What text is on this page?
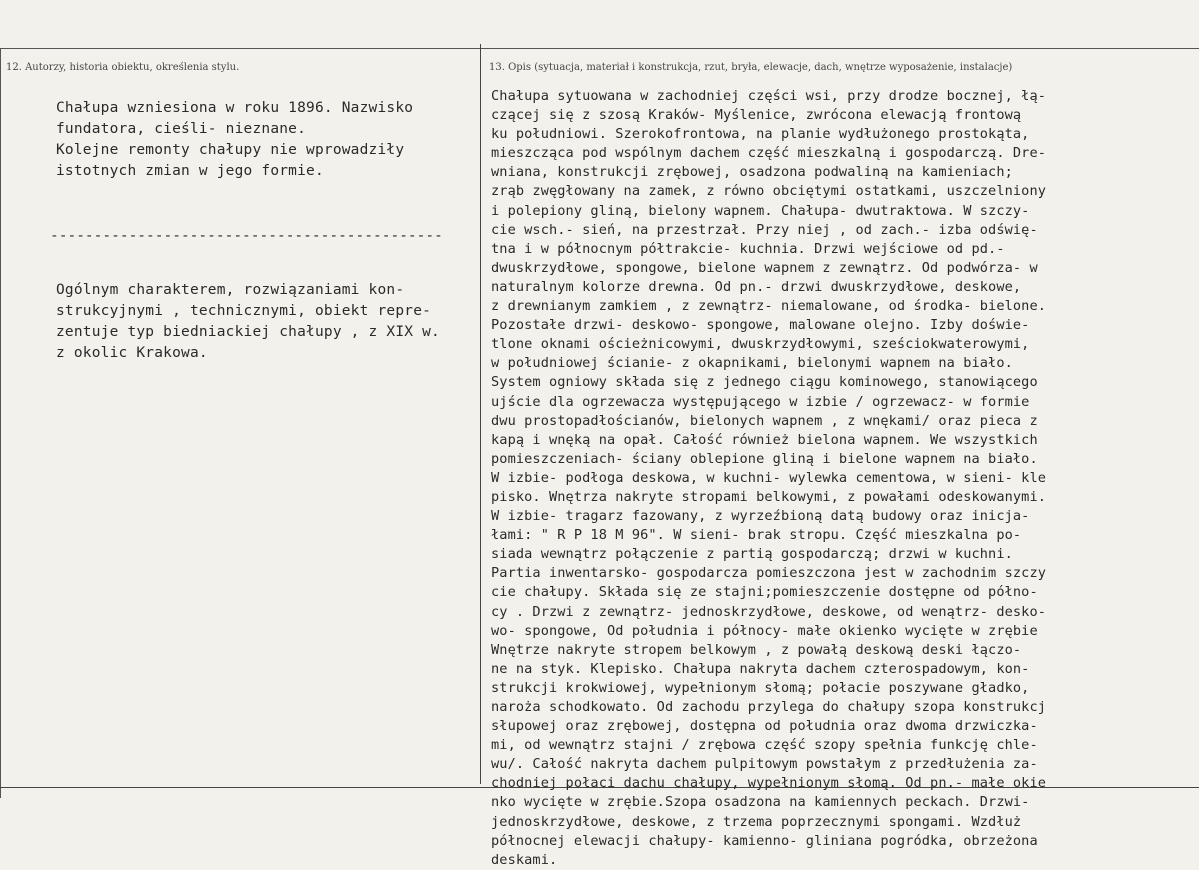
12. Autorzy, historia obiektu, określenia stylu.	13. Opis (sytuacja, materiał i konstrukcja, rzut, bryła, elewacje, dach, wnętrze wyposażenie, instalacje)
Chałupa wzniesiona w roku 1896. Nazwisko
fundatora, cieśli- nieznane.
Kolejne remonty chałupy nie wprowadziły
istotnych zmian w jego formie.
---------------------------------------------
Ogólnym charakterem, rozwiązaniami kon-
strukcyjnymi , technicznymi, obiekt repre-
zentuje typ biedniackiej chałupy , z XIX w.
z okolic Krakowa.
Chałupa sytuowana w zachodniej części wsi, przy drodze bocznej, łą-
czącej się z szosą Kraków- Myślenice, zwrócona elewacją frontową
ku południowi. Szerokofrontowa, na planie wydłużonego prostokąta,
mieszcząca pod wspólnym dachem część mieszkalną i gospodarczą. Dre-
wniana, konstrukcji zrębowej, osadzona podwaliną na kamieniach;
zrąb zwęgłowany na zamek, z równo obciętymi ostatkami, uszczelniony
i polepiony gliną, bielony wapnem. Chałupa- dwutraktowa. W szczy-
cie wsch.- sień, na przestrzał. Przy niej , od zach.- izba odświę-
tna i w północnym półtrakcie- kuchnia. Drzwi wejściowe od pd.-
dwuskrzydłowe, spongowe, bielone wapnem z zewnątrz. Od podwórza- w
naturalnym kolorze drewna. Od pn.- drzwi dwuskrzydłowe, deskowe,
z drewnianym zamkiem , z zewnątrz- niemalowane, od środka- bielone.
Pozostałe drzwi- deskowo- spongowe, malowane olejno. Izby doświe-
tlone oknami ościeżnicowymi, dwuskrzydłowymi, sześciokwaterowymi,
w południowej ścianie- z okapnikami, bielonymi wapnem na biało.
System ogniowy składa się z jednego ciągu kominowego, stanowiącego
ujście dla ogrzewacza występującego w izbie / ogrzewacz- w formie
dwu prostopadłościanów, bielonych wapnem , z wnękami/ oraz pieca z
kapą i wnęką na opał. Całość również bielona wapnem. We wszystkich
pomieszczeniach- ściany oblepione gliną i bielone wapnem na biało.
W izbie- podłoga deskowa, w kuchni- wylewka cementowa, w sieni- kle
pisko. Wnętrza nakryte stropami belkowymi, z powałami odeskowanymi.
W izbie- tragarz fazowany, z wyrzeźbioną datą budowy oraz inicja-
łami: " R P 18 M 96". W sieni- brak stropu. Część mieszkalna po-
siada wewnątrz połączenie z partią gospodarczą; drzwi w kuchni.
Partia inwentarsko- gospodarcza pomieszczona jest w zachodnim szczy
cie chałupy. Składa się ze stajni;pomieszczenie dostępne od półno-
cy . Drzwi z zewnątrz- jednoskrzydłowe, deskowe, od wenątrz- desko-
wo- spongowe, Od południa i północy- małe okienko wycięte w zrębie
Wnętrze nakryte stropem belkowym , z powałą deskową deski łączo-
ne na styk. Klepisko. Chałupa nakryta dachem czterospadowym, kon-
strukcji krokwiowej, wypełnionym słomą; połacie poszywane gładko,
naroża schodkowato. Od zachodu przylega do chałupy szopa konstrukcj
słupowej oraz zrębowej, dostępna od południa oraz dwoma drzwiczka-
mi, od wewnątrz stajni / zrębowa część szopy spełnia funkcję chle-
wu/. Całość nakryta dachem pulpitowym powstałym z przedłużenia za-
chodniej połaci dachu chałupy, wypełnionym słomą. Od pn.- małe okie
nko wycięte w zrębie.Szopa osadzona na kamiennych peckach. Drzwi-
jednoskrzydłowe, deskowe, z trzema poprzecznymi spongami. Wzdłuż
północnej elewacji chałupy- kamienno- gliniana pogródka, obrzeżona
deskami.
